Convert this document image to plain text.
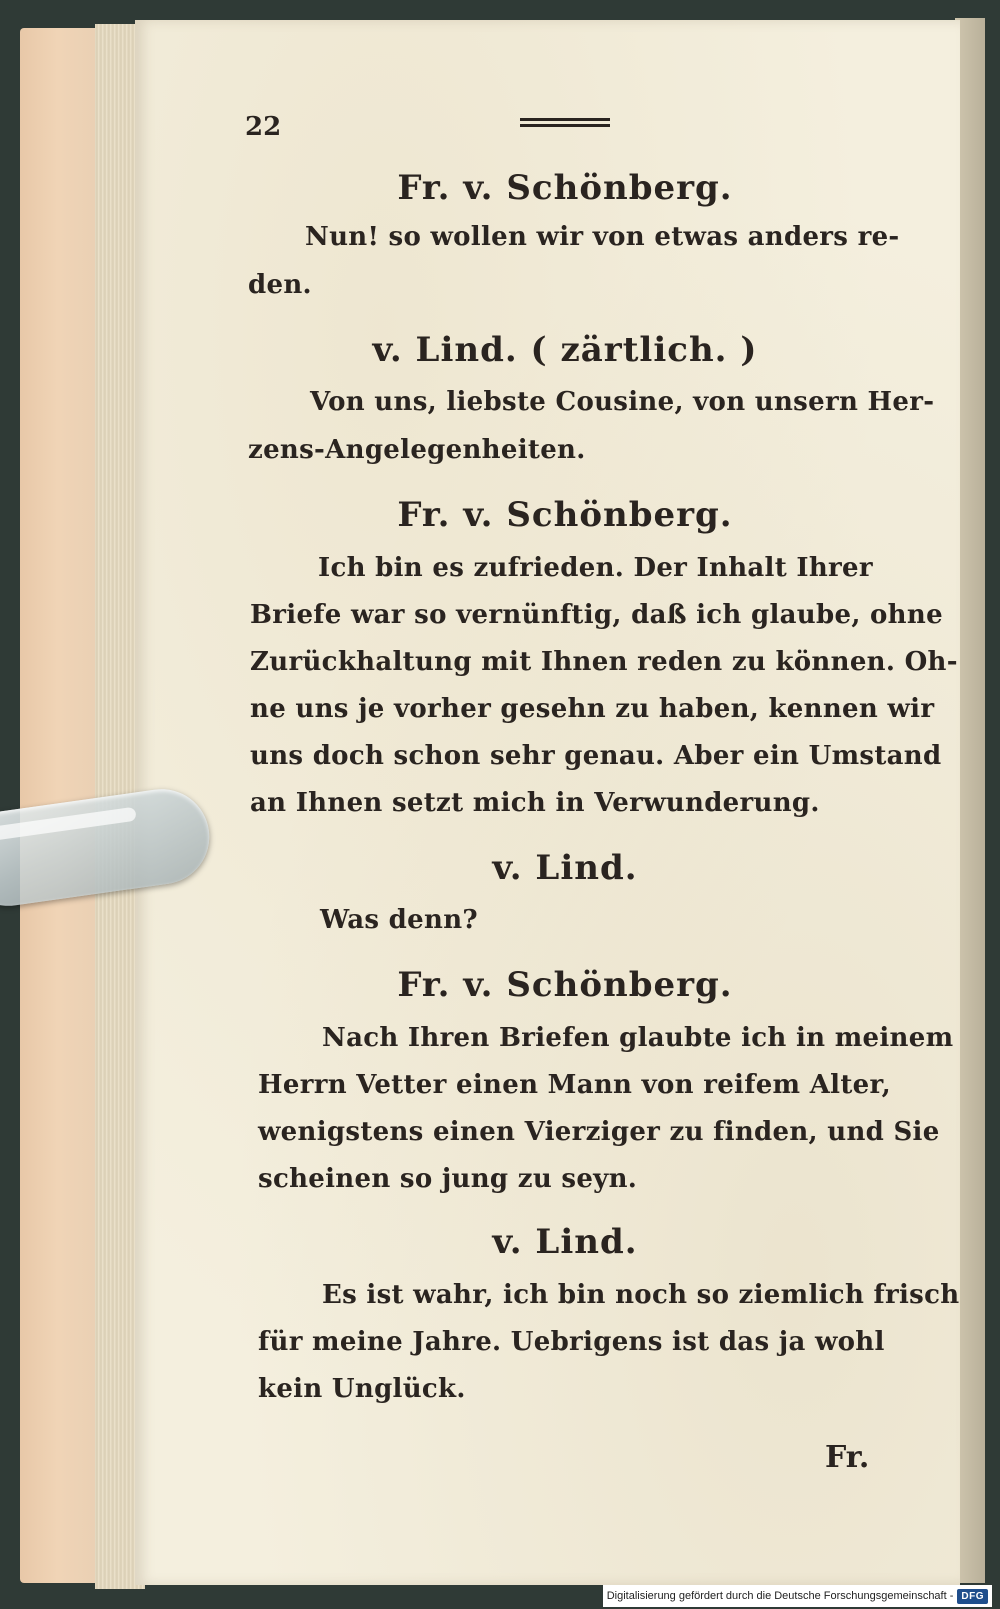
22
Fr. v. Schönberg.
Nun! so wollen wir von etwas anders re-
den.
v. Lind. ( zärtlich. )
Von uns, liebste Cousine, von unsern Her-
zens-Angelegenheiten.
Fr. v. Schönberg.
Ich bin es zufrieden. Der Inhalt Ihrer
Briefe war so vernünftig, daß ich glaube, ohne
Zurückhaltung mit Ihnen reden zu können. Oh-
ne uns je vorher gesehn zu haben, kennen wir
uns doch schon sehr genau. Aber ein Umstand
an Ihnen setzt mich in Verwunderung.
v. Lind.
Was denn?
Fr. v. Schönberg.
Nach Ihren Briefen glaubte ich in meinem
Herrn Vetter einen Mann von reifem Alter,
wenigstens einen Vierziger zu finden, und Sie
scheinen so jung zu seyn.
v. Lind.
Es ist wahr, ich bin noch so ziemlich frisch
für meine Jahre. Uebrigens ist das ja wohl
kein Unglück.
Fr.
Digitalisierung gefördert durch die Deutsche Forschungsgemeinschaft - DFG
